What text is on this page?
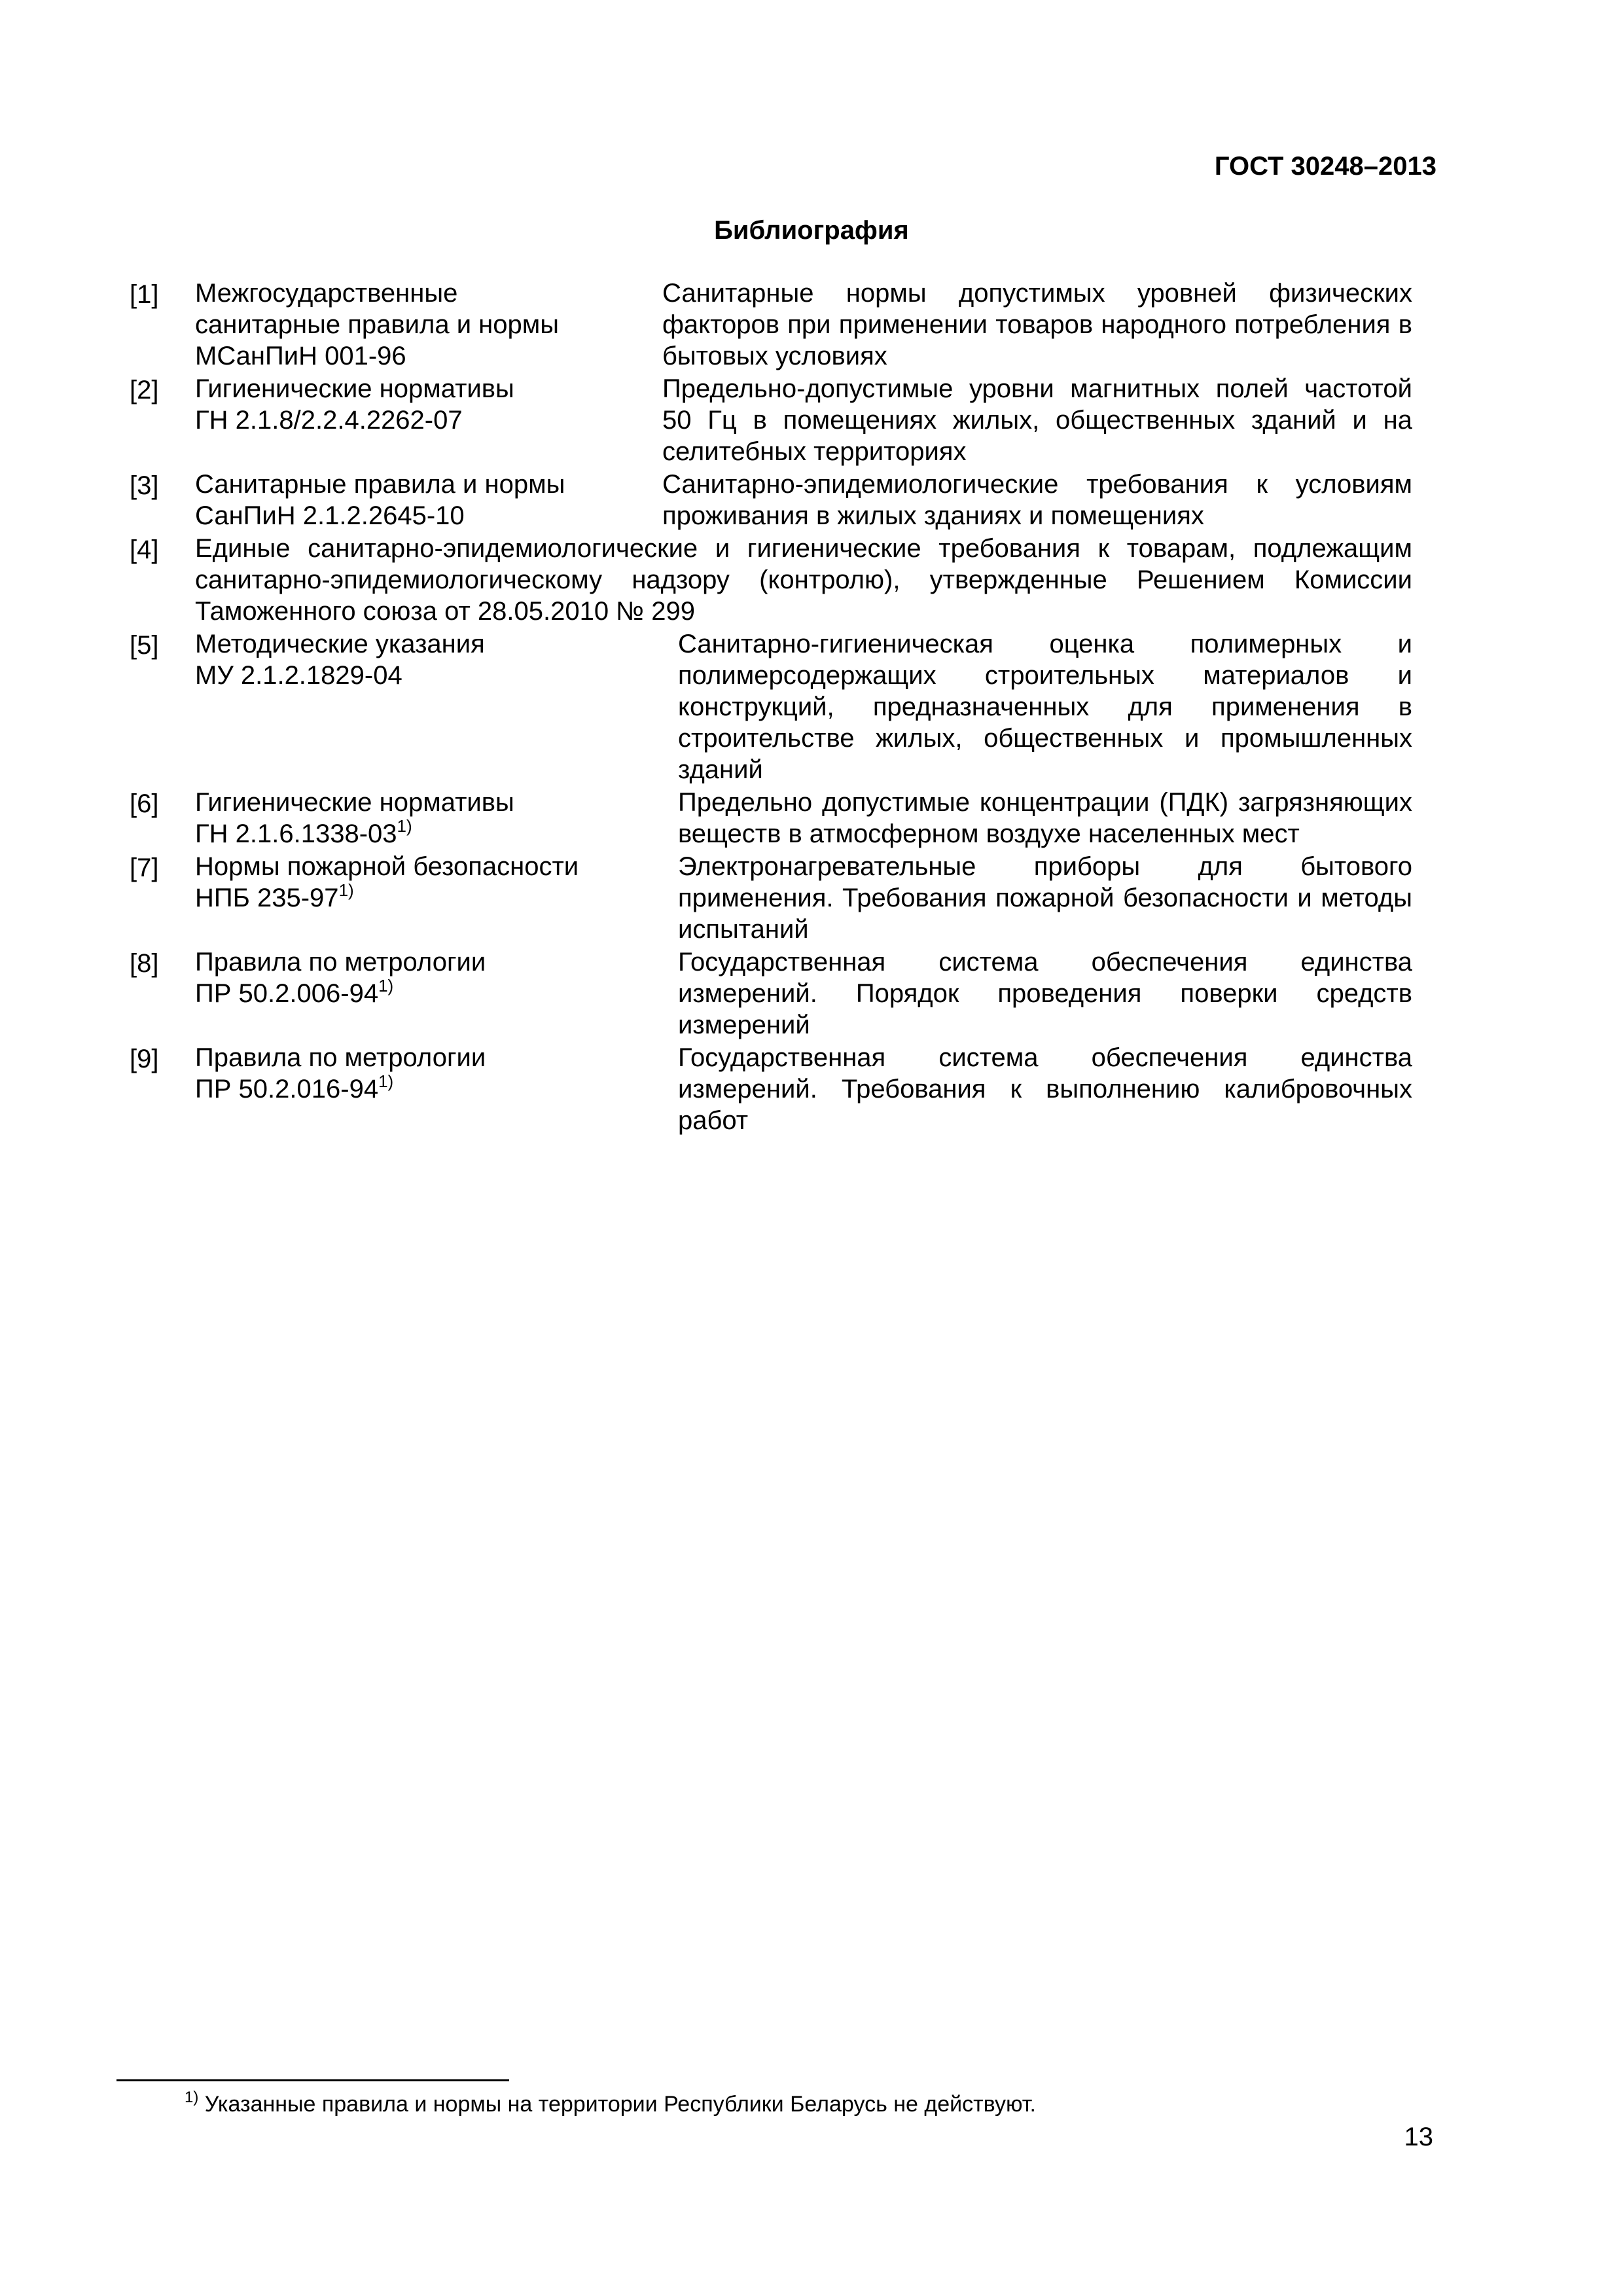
ГОСТ 30248–2013
Библиография
[1] Межгосударственные
санитарные правила и нормы
МСанПиН 001-96
Санитарные нормы допустимых уровней физических факторов при применении товаров народного потребления в бытовых условиях
[2] Гигиенические нормативы
ГН 2.1.8/2.2.4.2262-07
Предельно-допустимые уровни магнитных полей частотой 50 Гц в помещениях жилых, общественных зданий и на селитебных территориях
[3] Санитарные правила и нормы
СанПиН 2.1.2.2645-10
Санитарно-эпидемиологические требования к условиям проживания в жилых зданиях и помещениях
[4] Единые санитарно-эпидемиологические и гигиенические требования к товарам, подлежащим санитарно-эпидемиологическому надзору (контролю), утвержденные Решением Комиссии Таможенного союза от 28.05.2010 № 299
[5] Методические указания
МУ 2.1.2.1829-04
Санитарно-гигиеническая оценка полимерных и полимерсодержащих строительных материалов и конструкций, предназначенных для применения в строительстве жилых, общественных и промышленных зданий
[6] Гигиенические нормативы
ГН 2.1.6.1338-03$^{1)}$
Предельно допустимые концентрации (ПДК) загрязняющих веществ в атмосферном воздухе населенных мест
[7] Нормы пожарной безопасности
НПБ 235-97$^{1)}$
Электронагревательные приборы для бытового применения. Требования пожарной безопасности и методы испытаний
[8] Правила по метрологии
ПР 50.2.006-94$^{1)}$
Государственная система обеспечения единства измерений. Порядок проведения поверки средств измерений
[9] Правила по метрологии
ПР 50.2.016-94$^{1)}$
Государственная система обеспечения единства измерений. Требования к выполнению калибровочных работ
$^{1)}$ Указанные правила и нормы на территории Республики Беларусь не действуют.
13
